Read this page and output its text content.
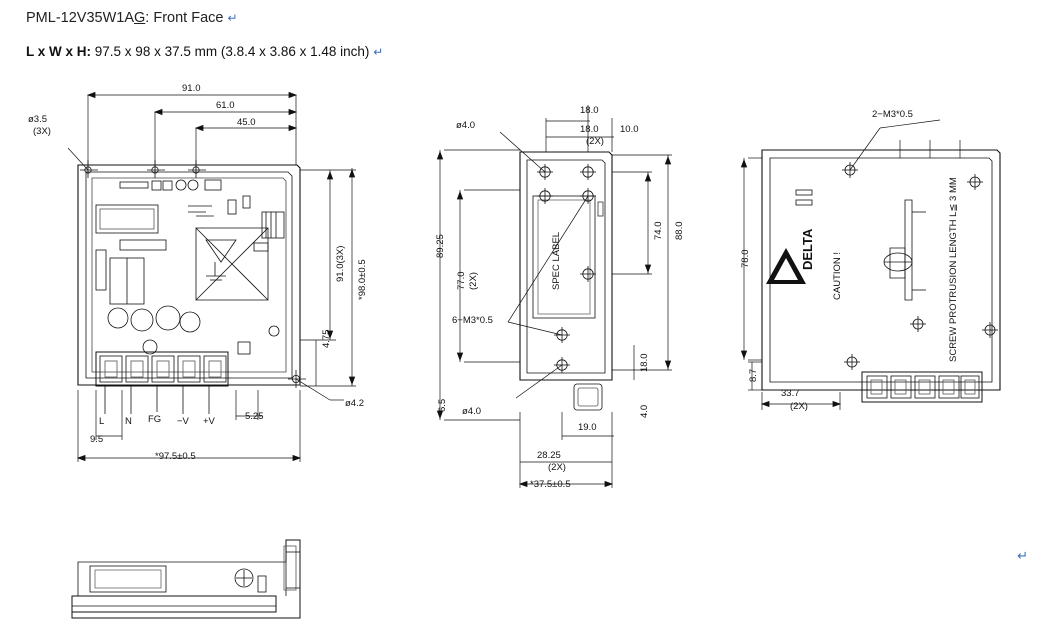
PML-12V35W1AG: Front Face ↵
L x W x H: 97.5 x 98 x 37.5 mm (3.8.4 x 3.86 x 1.48 inch) ↵
↵
91.0
61.0
45.0
ø3.5
(3X)
91.0(3X) *98.0±0.5
4.75
*97.5±0.5
5.25
9.5
ø4.2
L N FG −V +V
ø4.0
ø4.0
18.0
18.0
(2X)
10.0
74.0 88.0
89.25
77.0 (2X)
6.5
18.0
4.0
19.0
28.25
(2X)
*37.5±0.5
6−M3*0.5
SPEC LABEL
2−M3*0.5
78.0
8.7
33.7
(2X)
SCREW PROTRUSION LENGTH L≦ 3 MM
CAUTION !
DELTA
